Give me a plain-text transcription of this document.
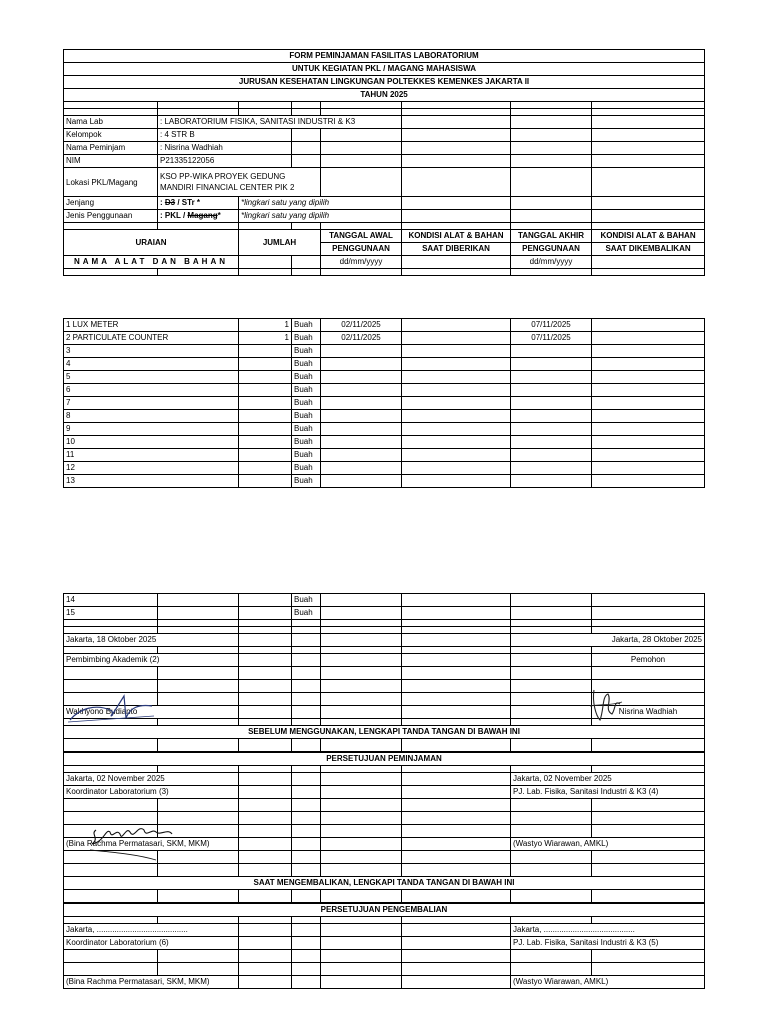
FORM PEMINJAMAN FASILITAS LABORATORIUM							
UNTUK KEGIATAN PKL / MAGANG MAHASISWA							
JURUSAN KESEHATAN LINGKUNGAN POLTEKKES KEMENKES JAKARTA II							
TAHUN 2025							

Nama Lab	: LABORATORIUM FISIKA, SANITASI INDUSTRI & K3						
Kelompok	: 4 STR B						
Nama Peminjam	: Nisrina Wadhiah						
NIM	P21335122056						
Lokasi PKL/Magang	KSO PP-WIKA PROYEK GEDUNG
MANDIRI FINANCIAL CENTER PIK 2						

Jenjang	: D3 / STr *	*lingkari satu yang dipilih					
Jenis Penggunaan	: PKL / Magang*	*lingkari satu yang dipilih					

URAIAN		JUMLAH		TANGGAL AWAL	KONDISI ALAT & BAHAN	TANGGAL AKHIR	KONDISI ALAT & BAHAN
				PENGGUNAAN	SAAT DIBERIKAN	PENGGUNAAN	SAAT DIKEMBALIKAN
NAMA ALAT DAN BAHAN				dd/mm/yyyy		dd/mm/yyyy	

1 LUX METER	1	Buah	02/11/2025		07/11/2025	
2 PARTICULATE COUNTER	1	Buah	02/11/2025		07/11/2025	
3		Buah				
4		Buah				
5		Buah				
6		Buah				
7		Buah				
8		Buah				
9		Buah				
10		Buah				
11		Buah				
12		Buah				
13		Buah				
14			Buah				
15			Buah				

Jakarta, 18 Oktober 2025						Jakarta, 28 Oktober 2025	

Pembimbing Akademik (2)							Pemohon

Wakhyono Budianto							Nisrina Wadhiah

SEBELUM MENGGUNAKAN, LENGKAPI TANDA TANGAN DI BAWAH INI							

PERSETUJUAN PEMINJAMAN							

Jakarta, 02 November 2025						Jakarta, 02 November 2025	
Koordinator Laboratorium (3)						PJ. Lab. Fisika, Sanitasi Industri & K3 (4)	

(Bina Rachma Permatasari, SKM, MKM)						(Wastyo Wiarawan, AMKL)	

SAAT MENGEMBALIKAN, LENGKAPI TANDA TANGAN DI BAWAH INI							

PERSETUJUAN PENGEMBALIAN							

Jakarta, .........................................						Jakarta, .........................................	
Koordinator Laboratorium (6)						PJ. Lab. Fisika, Sanitasi Industri & K3 (5)	

(Bina Rachma Permatasari, SKM, MKM)						(Wastyo Wiarawan, AMKL)	
